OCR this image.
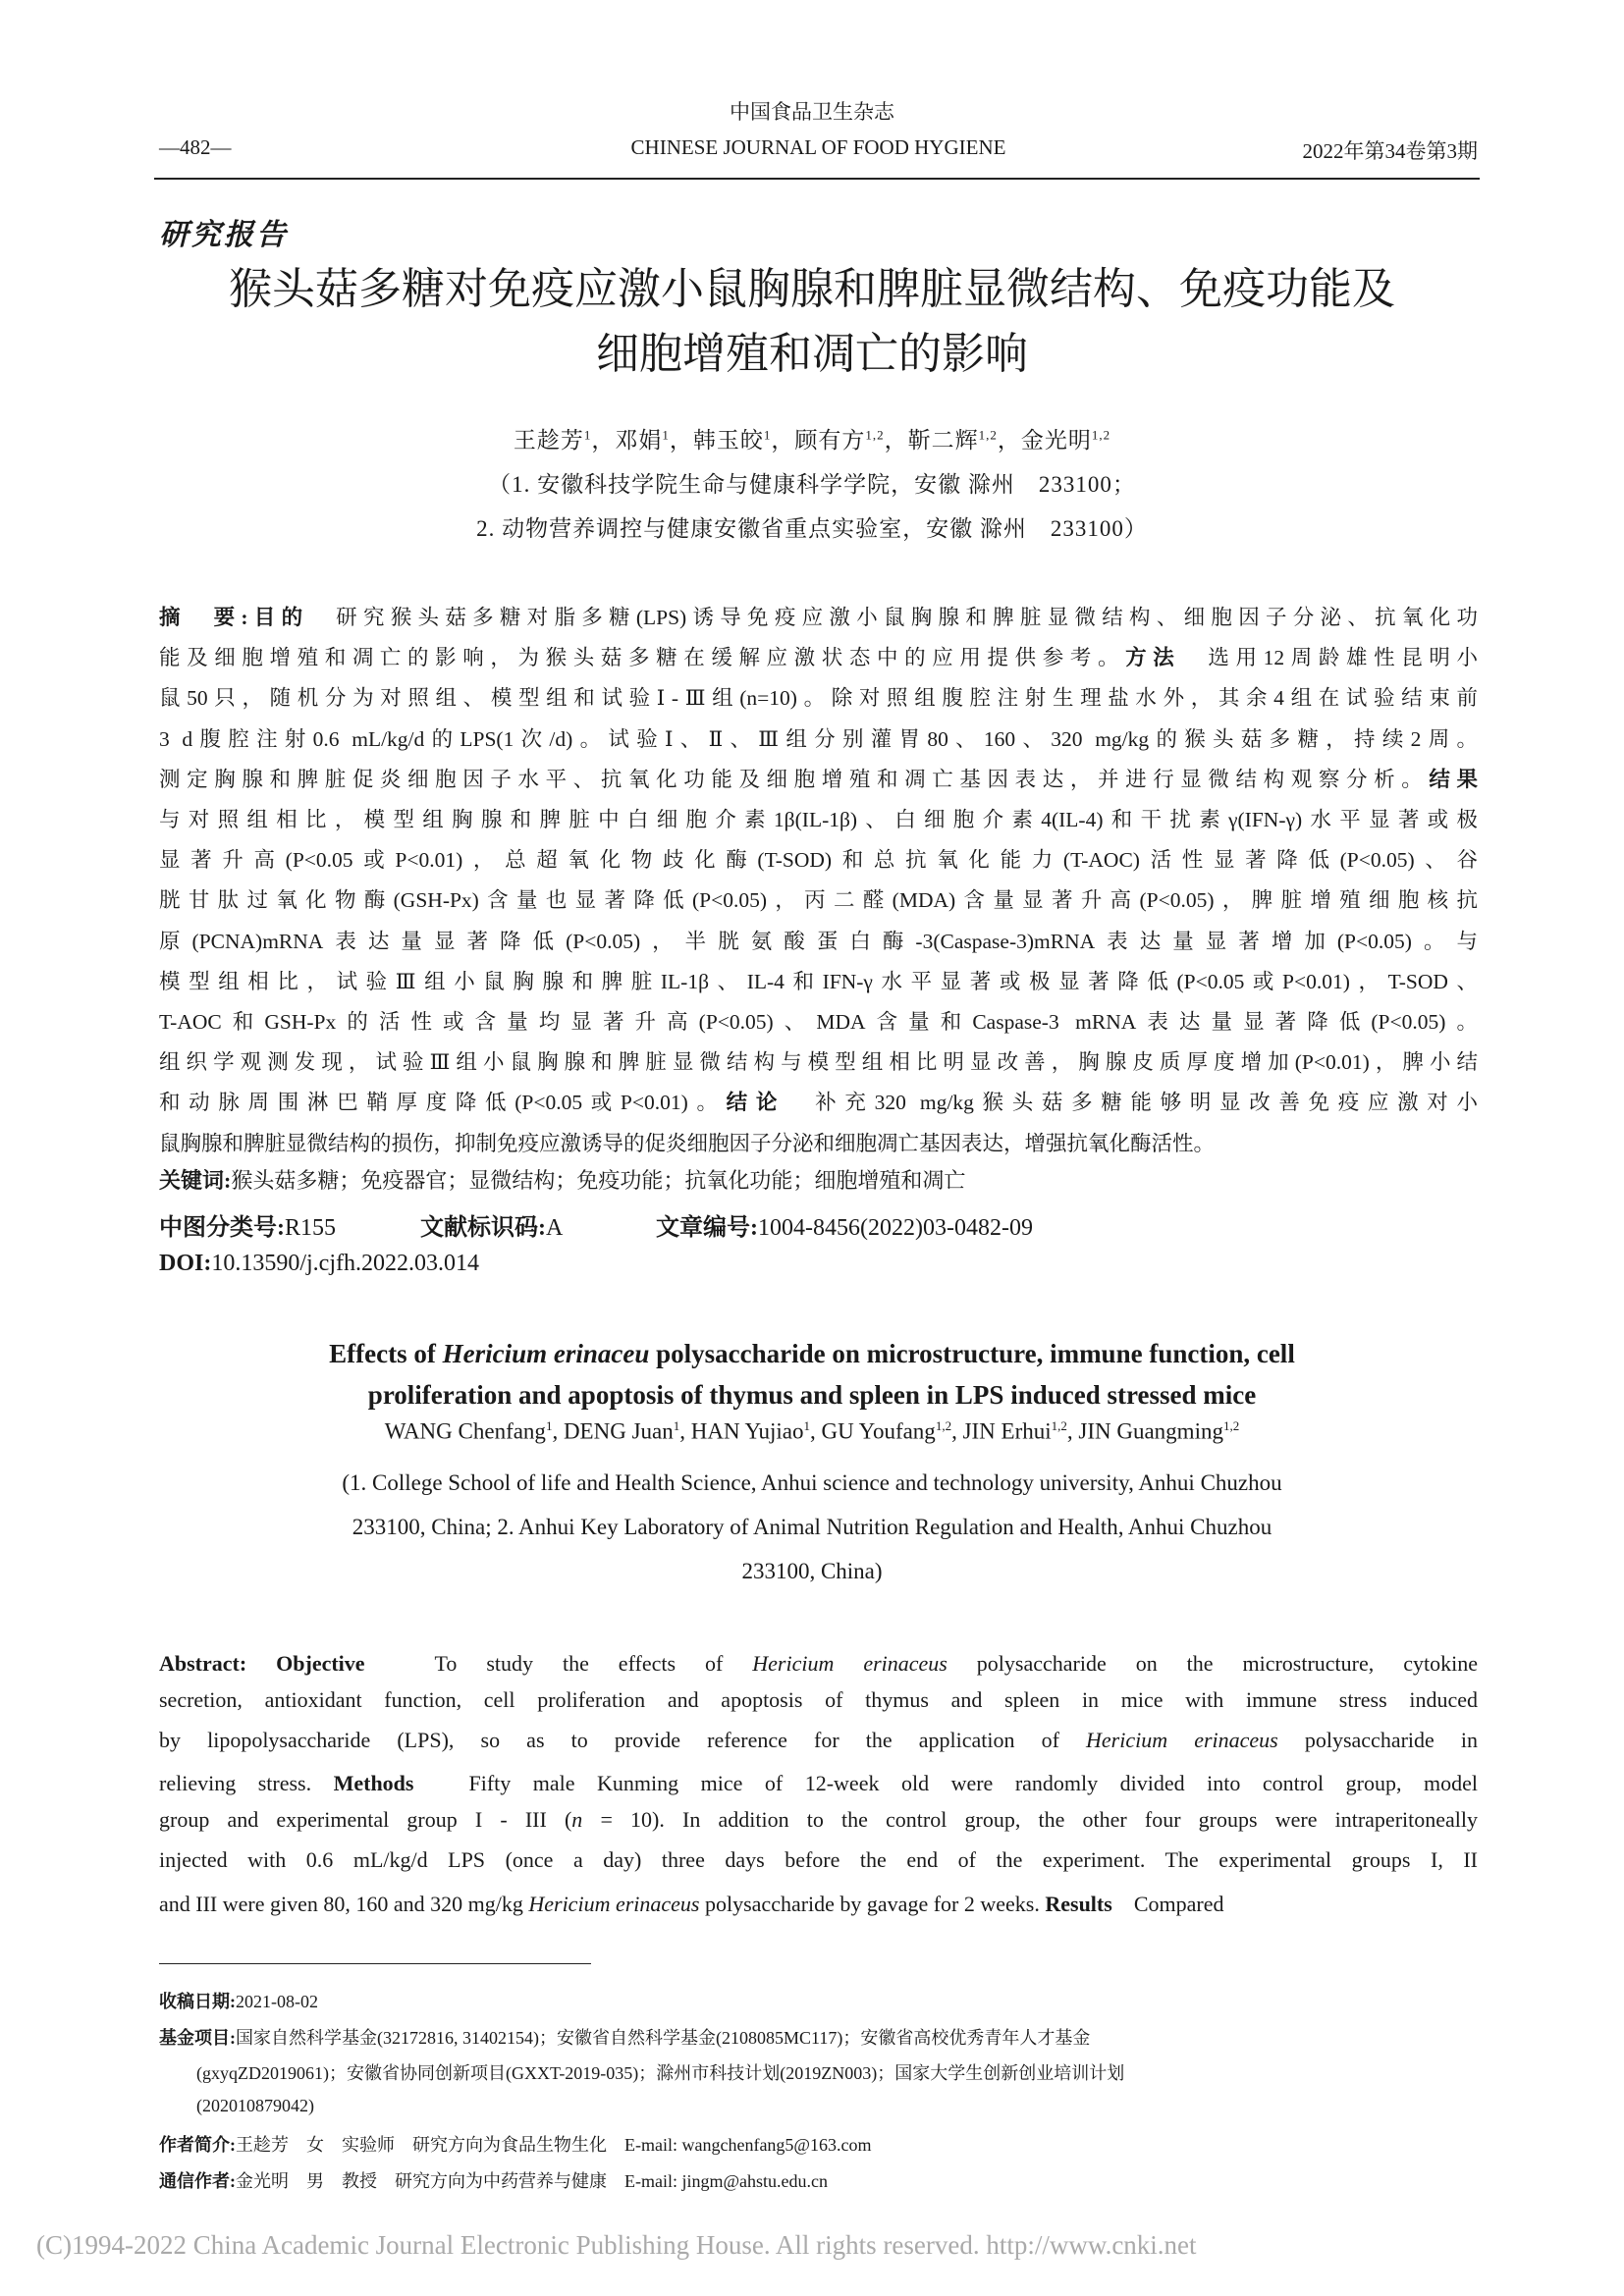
中国食品卫生杂志
—482—	CHINESE JOURNAL OF FOOD HYGIENE	2022年第34卷第3期
研究报告
猴头菇多糖对免疫应激小鼠胸腺和脾脏显微结构、免疫功能及
细胞增殖和凋亡的影响
王趁芳$^1$，邓娟$^1$，韩玉皎$^1$，顾有方$^{1,2}$，靳二辉$^{1,2}$，金光明$^{1,2}$
（1. 安徽科技学院生命与健康科学学院，安徽 滁州　233100；
2. 动物营养调控与健康安徽省重点实验室，安徽 滁州　233100）
摘　要:目的　研究猴头菇多糖对脂多糖(LPS)诱导免疫应激小鼠胸腺和脾脏显微结构、细胞因子分泌、抗氧化功
能及细胞增殖和凋亡的影响，为猴头菇多糖在缓解应激状态中的应用提供参考。方法　选用12周龄雄性昆明小
鼠50只，随机分为对照组、模型组和试验Ⅰ-Ⅲ组(n=10)。除对照组腹腔注射生理盐水外，其余4组在试验结束前
3 d腹腔注射0.6 mL/kg/d的LPS(1次/d)。试验Ⅰ、Ⅱ、Ⅲ组分别灌胃80、160、320 mg/kg的猴头菇多糖，持续2周。
测定胸腺和脾脏促炎细胞因子水平、抗氧化功能及细胞增殖和凋亡基因表达，并进行显微结构观察分析。结果
与对照组相比，模型组胸腺和脾脏中白细胞介素1β(IL-1β)、白细胞介素4(IL-4)和干扰素γ(IFN-γ)水平显著或极
显著升高(P<0.05或P<0.01)，总超氧化物歧化酶(T-SOD)和总抗氧化能力(T-AOC)活性显著降低(P<0.05)、谷
胱甘肽过氧化物酶(GSH-Px)含量也显著降低(P<0.05)，丙二醛(MDA)含量显著升高(P<0.05)，脾脏增殖细胞核抗
原(PCNA)mRNA表达量显著降低(P<0.05)，半胱氨酸蛋白酶-3(Caspase-3)mRNA表达量显著增加(P<0.05)。与
模型组相比，试验Ⅲ组小鼠胸腺和脾脏IL-1β、IL-4和IFN-γ水平显著或极显著降低(P<0.05或P<0.01)，T-SOD、
T-AOC和GSH-Px的活性或含量均显著升高(P<0.05)、MDA含量和Caspase-3 mRNA表达量显著降低(P<0.05)。
组织学观测发现，试验Ⅲ组小鼠胸腺和脾脏显微结构与模型组相比明显改善，胸腺皮质厚度增加(P<0.01)，脾小结
和动脉周围淋巴鞘厚度降低(P<0.05或P<0.01)。结论　补充320 mg/kg猴头菇多糖能够明显改善免疫应激对小
鼠胸腺和脾脏显微结构的损伤，抑制免疫应激诱导的促炎细胞因子分泌和细胞凋亡基因表达，增强抗氧化酶活性。
关键词:猴头菇多糖；免疫器官；显微结构；免疫功能；抗氧化功能；细胞增殖和凋亡
中图分类号:R155	文献标识码:A	文章编号:1004-8456(2022)03-0482-09
DOI:10.13590/j.cjfh.2022.03.014
Effects of Hericium erinaceu polysaccharide on microstructure, immune function, cell
proliferation and apoptosis of thymus and spleen in LPS induced stressed mice
WANG Chenfang$^1$, DENG Juan$^1$, HAN Yujiao$^1$, GU Youfang$^{1,2}$, JIN Erhui$^{1,2}$, JIN Guangming$^{1,2}$
(1. College School of life and Health Science, Anhui science and technology university, Anhui Chuzhou
233100, China; 2. Anhui Key Laboratory of Animal Nutrition Regulation and Health, Anhui Chuzhou
233100, China)
Abstract: Objective　To study the effects of Hericium erinaceus polysaccharide on the microstructure, cytokine
secretion, antioxidant function, cell proliferation and apoptosis of thymus and spleen in mice with immune stress induced
by lipopolysaccharide (LPS), so as to provide reference for the application of Hericium erinaceus polysaccharide in
relieving stress. Methods　Fifty male Kunming mice of 12-week old were randomly divided into control group, model
group and experimental group I - III (n = 10). In addition to the control group, the other four groups were intraperitoneally
injected with 0.6 mL/kg/d LPS (once a day) three days before the end of the experiment. The experimental groups I, II
and III were given 80, 160 and 320 mg/kg Hericium erinaceus polysaccharide by gavage for 2 weeks. Results　Compared
收稿日期:2021-08-02
基金项目:国家自然科学基金(32172816, 31402154)；安徽省自然科学基金(2108085MC117)；安徽省高校优秀青年人才基金
(gxyqZD2019061)；安徽省协同创新项目(GXXT-2019-035)；滁州市科技计划(2019ZN003)；国家大学生创新创业培训计划
(202010879042)
作者简介:王趁芳　女　实验师　研究方向为食品生物生化　E-mail: wangchenfang5@163.com
通信作者:金光明　男　教授　研究方向为中药营养与健康　E-mail: jingm@ahstu.edu.cn
(C)1994-2022 China Academic Journal Electronic Publishing House. All rights reserved. http://www.cnki.net
